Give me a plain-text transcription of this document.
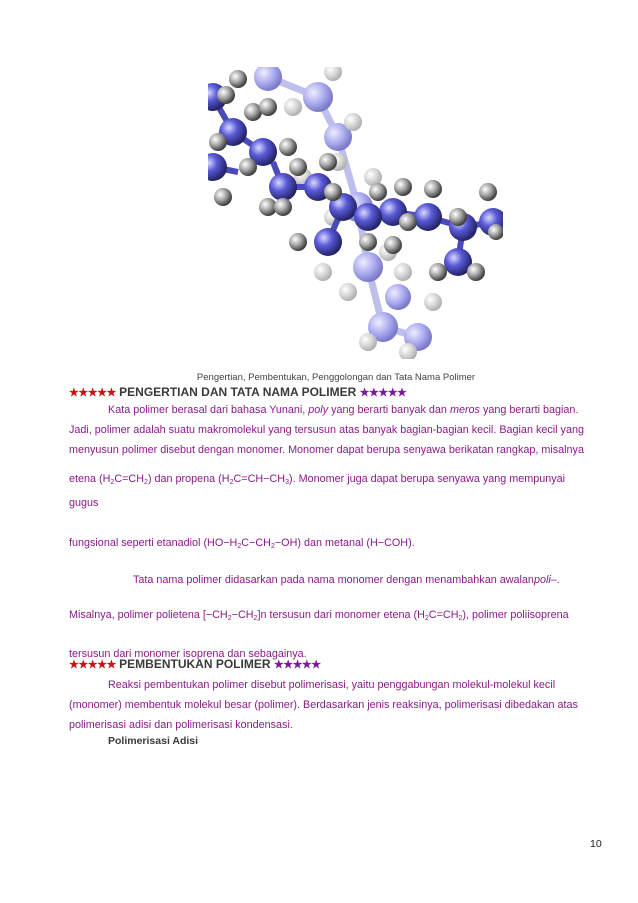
Pengertian, Pembentukan, Penggolongan dan Tata Nama Polimer
★★★★★ PENGERTIAN DAN TATA NAMA POLIMER ★★★★★
Kata polimer berasal dari bahasa Yunani, poly yang berarti banyak dan meros yang berarti bagian.
Jadi, polimer adalah suatu makromolekul yang tersusun atas banyak bagian-bagian kecil. Bagian kecil yang
menyusun polimer disebut dengan monomer. Monomer dapat berupa senyawa berikatan rangkap, misalnya
etena $(H_2C=CH_2)$ dan propena $(H_2C=CH-CH_3)$. Monomer juga dapat berupa senyawa yang mempunyai gugus
fungsional seperti etanadiol $(HO-H_2C-CH_2-OH)$ dan metanal (H−COH).
Tata nama polimer didasarkan pada nama monomer dengan menambahkan awalanpoli–.
Misalnya, polimer polietena $[-CH_2-CH_2]n$ tersusun dari monomer etena $(H_2C=CH_2)$, polimer poliisoprena
tersusun dari monomer isoprena dan sebagainya.
★★★★★ PEMBENTUKAN POLIMER ★★★★★
Reaksi pembentukan polimer disebut polimerisasi, yaitu penggabungan molekul-molekul kecil
(monomer) membentuk molekul besar (polimer). Berdasarkan jenis reaksinya, polimerisasi dibedakan atas
polimerisasi adisi dan polimerisasi kondensasi.
Polimerisasi Adisi
10
